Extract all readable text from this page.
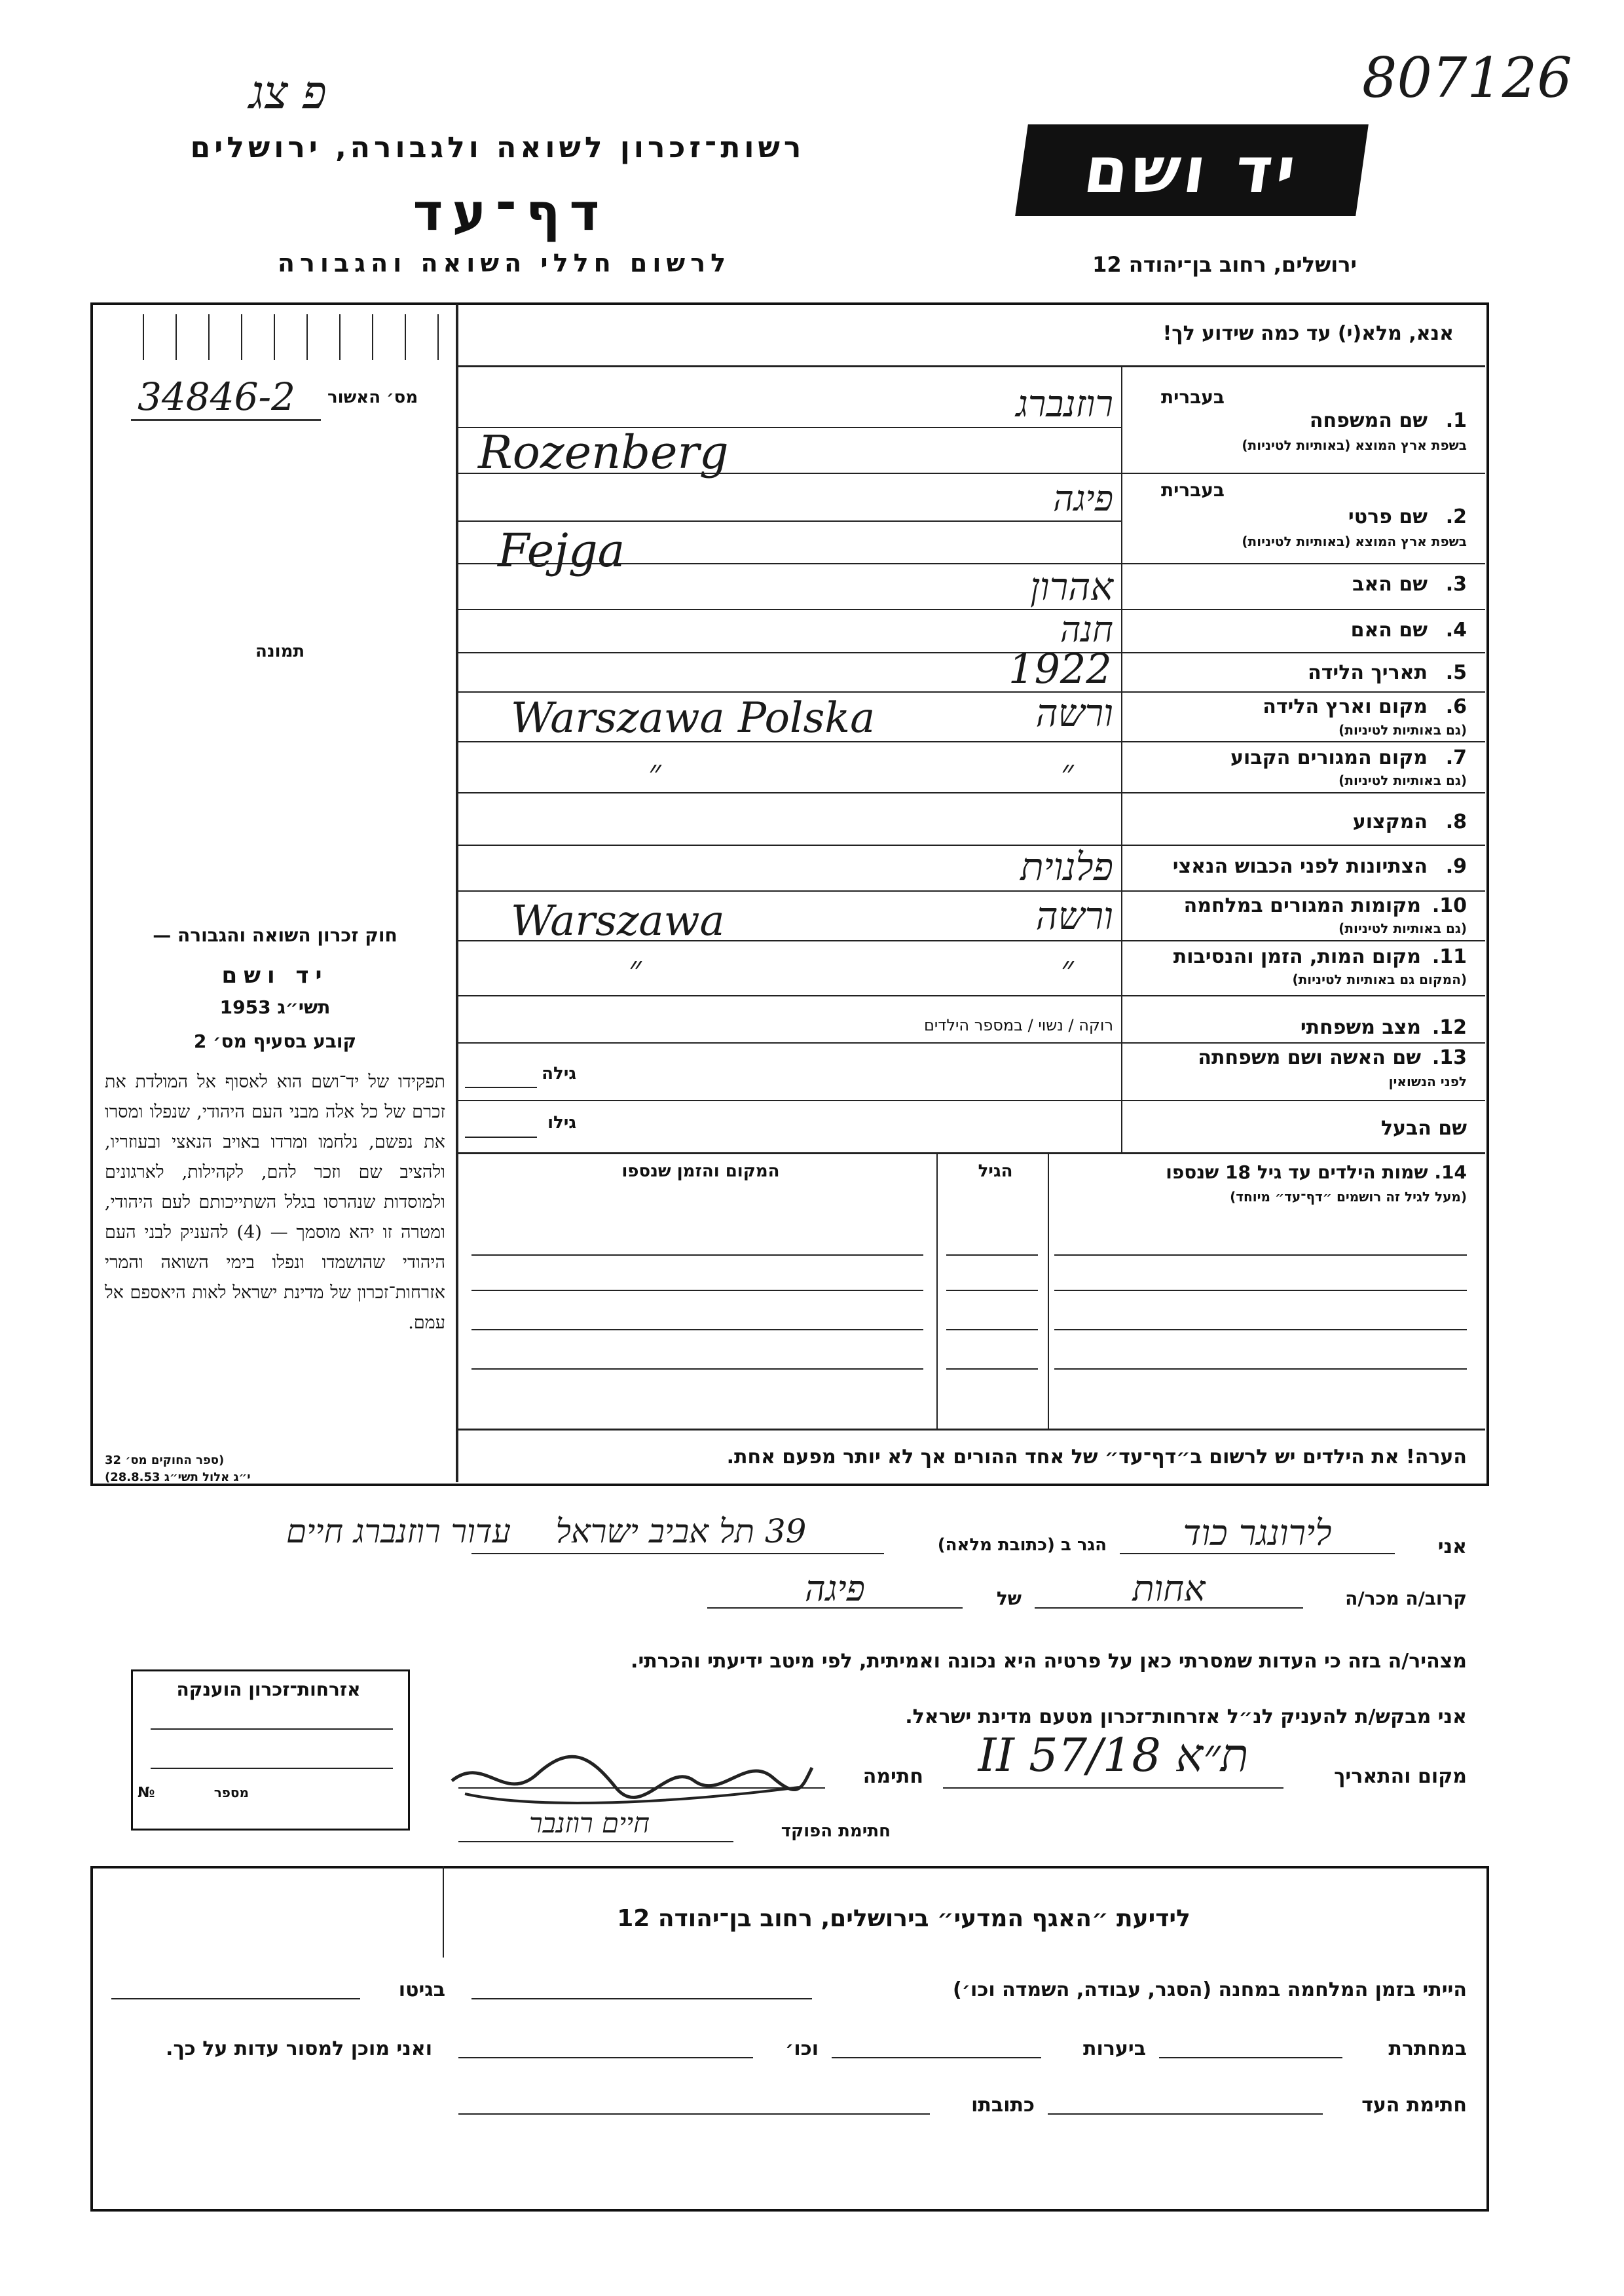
פ צג	807126
רשות־זכרון לשואה ולגבורה, ירושלים
דף־עד
לרשום חללי השואה והגבורה
יד ושם
ירושלים, רחוב בן־יהודה 12
מס׳ האשור
34846-2
תמונה
חוק זכרון השואה והגבורה —
יד ושם
תשי״ג 1953
קובע בסעיף מס׳ 2
תפקידו של יד־ושם הוא לאסוף אל המולדת את זכרם של כל אלה מבני העם היהודי, שנפלו ומסרו את נפשם, נלחמו ומרדו באויב הנאצי ובעוזריו, ולהציב שם וזכר להם, לקהילות, לארגונים ולמוסדות שנהרסו בגלל השתייכותם לעם היהודי, ומטרה זו יהא מוסמך — (4) להעניק לבני העם היהודי שהושמדו ונפלו בימי השואה והמרי אזרחות־זכרון של מדינת ישראל לאות היאספם אל עמם.
(ספר החוקים מס׳ 32
י״ג אלול תשי״ג 28.8.53)
אנא, מלא(י) עד כמה שידוע לך!
בעברית
1.
שם המשפחה
בשפת ארץ המוצא (באותיות לטיניות)
רוזנברג
Rozenberg
בעברית
2.
שם פרטי
בשפת ארץ המוצא (באותיות לטיניות)
פיגה
Fejga
3.
שם האב
אהרון
4.
שם האם
חנה
5.
תאריך הלידה
1922
6.
מקום וארץ הלידה
(גם באותיות לטיניות)
ורשה
Warszawa Polska
7.
מקום המגורים הקבוע
(גם באותיות לטיניות)
״
״
8.
המקצוע
9.
הצתיונות לפני הכבוש הנאצי
פלנוית
10.
מקומות המגורים במלחמה
(גם באותיות לטיניות)
ורשה
Warszawa
11.
מקום המות, הזמן והנסיבות
(המקום גם באותיות לטיניות)
״
״
12.
מצב משפחתי
רוקה / נשוי / במספר הילדים
13.
שם האשה ושם משפחתה
לפני הנשואין
גילה
שם הבעל
גילו
14. שמות הילדים עד גיל 18 שנספו
(מעל לגיל זה רושמים ״דף־עד״ מיוחד)
הגיל
המקום והזמן שנספו
הערה! את הילדים יש לרשום ב״דף־עד״ של אחד ההורים אך לא יותר מפעם אחת.
עדור רוזנברג חיים	אני
לירונגר כוד
הגר ב (כתובת מלאה)
39 תל אביב ישראל
קרוב/ה מכר/ה
אחות
של
פיגה
מצהיר/ה בזה כי העדות שמסרתי כאן על פרטיה היא נכונה ואמיתית, לפי מיטב ידיעתי והכרתי.
אני מבקש/ת להעניק לנ״ל אזרחות־זכרון מטעם מדינת ישראל.
מקום והתאריך
ת״א 18/II 57
חתימה
חתימת הפוקד
חיים רוזנבר
אזרחות־זכרון הוענקה
מספר
№
לידיעת ״האגף המדעי״ בירושלים, רחוב בן־יהודה 12
הייתי בזמן המלחמה במחנה (הסגר, עבודה, השמדה וכו׳)
בגיטו
במחתרת
ביערות
וכו׳
ואני מוכן למסור עדות על כך.
חתימת העד
כתובתו
